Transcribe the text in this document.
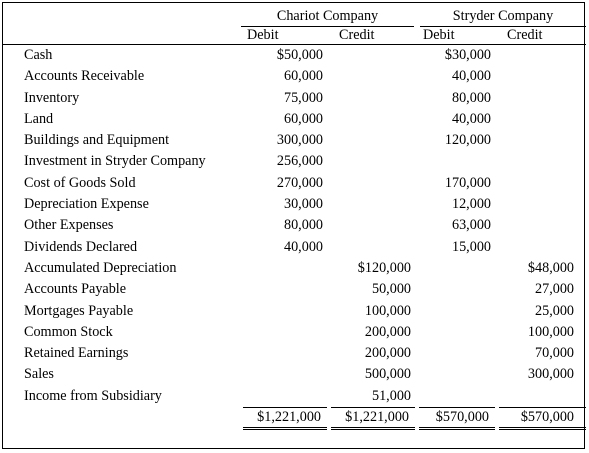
	Chariot Company		Stryder Company	
	Debit	Credit	Debit	Credit
Cash	$50,000		$30,000	
Accounts Receivable	60,000		40,000	
Inventory	75,000		80,000	
Land	60,000		40,000	
Buildings and Equipment	300,000		120,000	
Investment in Stryder Company	256,000			
Cost of Goods Sold	270,000		170,000	
Depreciation Expense	30,000		12,000	
Other Expenses	80,000		63,000	
Dividends Declared	40,000		15,000	
Accumulated Depreciation		$120,000		$48,000
Accounts Payable		50,000		27,000
Mortgages Payable		100,000		25,000
Common Stock		200,000		100,000
Retained Earnings		200,000		70,000
Sales		500,000		300,000
Income from Subsidiary		51,000		
	$1,221,000	$1,221,000	$570,000	$570,000
